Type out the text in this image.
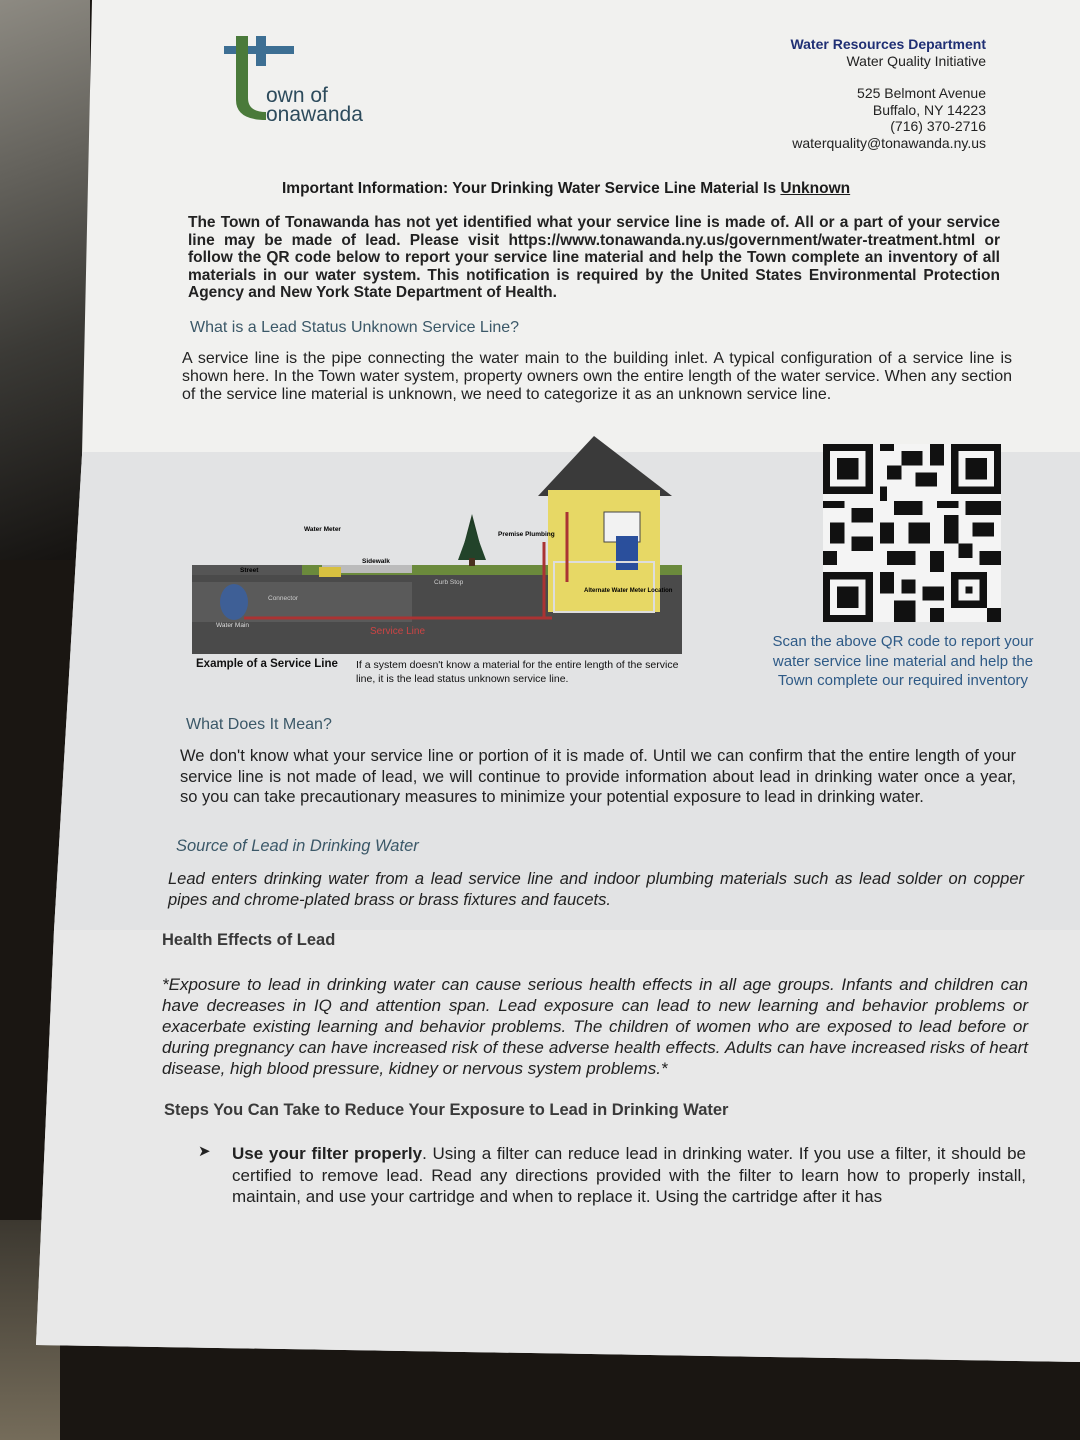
own of
onawanda
Water Resources Department
Water Quality Initiative
525 Belmont Avenue
Buffalo, NY 14223
(716) 370-2716
waterquality@tonawanda.ny.us
Important Information: Your Drinking Water Service Line Material Is Unknown
The Town of Tonawanda has not yet identified what your service line is made of. All or a part of your service line may be made of lead. Please visit https://www.tonawanda.ny.us/government/water-treatment.html or follow the QR code below to report your service line material and help the Town complete an inventory of all materials in our water system. This notification is required by the United States Environmental Protection Agency and New York State Department of Health.
What is a Lead Status Unknown Service Line?
A service line is the pipe connecting the water main to the building inlet. A typical configuration of a service line is shown here. In the Town water system, property owners own the entire length of the water service. When any section of the service line material is unknown, we need to categorize it as an unknown service line.
Water Meter
Sidewalk
Street
Premise Plumbing
Connector
Curb Stop
Water Main
Service Line
Alternate Water Meter Location
Example of a Service Line If a system doesn't know a material for the entire length of the service line, it is the lead status unknown service line.
Scan the above QR code to report your water service line material and help the Town complete our required inventory
What Does It Mean?
We don't know what your service line or portion of it is made of. Until we can confirm that the entire length of your service line is not made of lead, we will continue to provide information about lead in drinking water once a year, so you can take precautionary measures to minimize your potential exposure to lead in drinking water.
Source of Lead in Drinking Water
Lead enters drinking water from a lead service line and indoor plumbing materials such as lead solder on copper pipes and chrome-plated brass or brass fixtures and faucets.
Health Effects of Lead
*Exposure to lead in drinking water can cause serious health effects in all age groups. Infants and children can have decreases in IQ and attention span. Lead exposure can lead to new learning and behavior problems or exacerbate existing learning and behavior problems. The children of women who are exposed to lead before or during pregnancy can have increased risk of these adverse health effects. Adults can have increased risks of heart disease, high blood pressure, kidney or nervous system problems.*
Steps You Can Take to Reduce Your Exposure to Lead in Drinking Water
➤ Use your filter properly. Using a filter can reduce lead in drinking water. If you use a filter, it should be certified to remove lead. Read any directions provided with the filter to learn how to properly install, maintain, and use your cartridge and when to replace it. Using the cartridge after it has
